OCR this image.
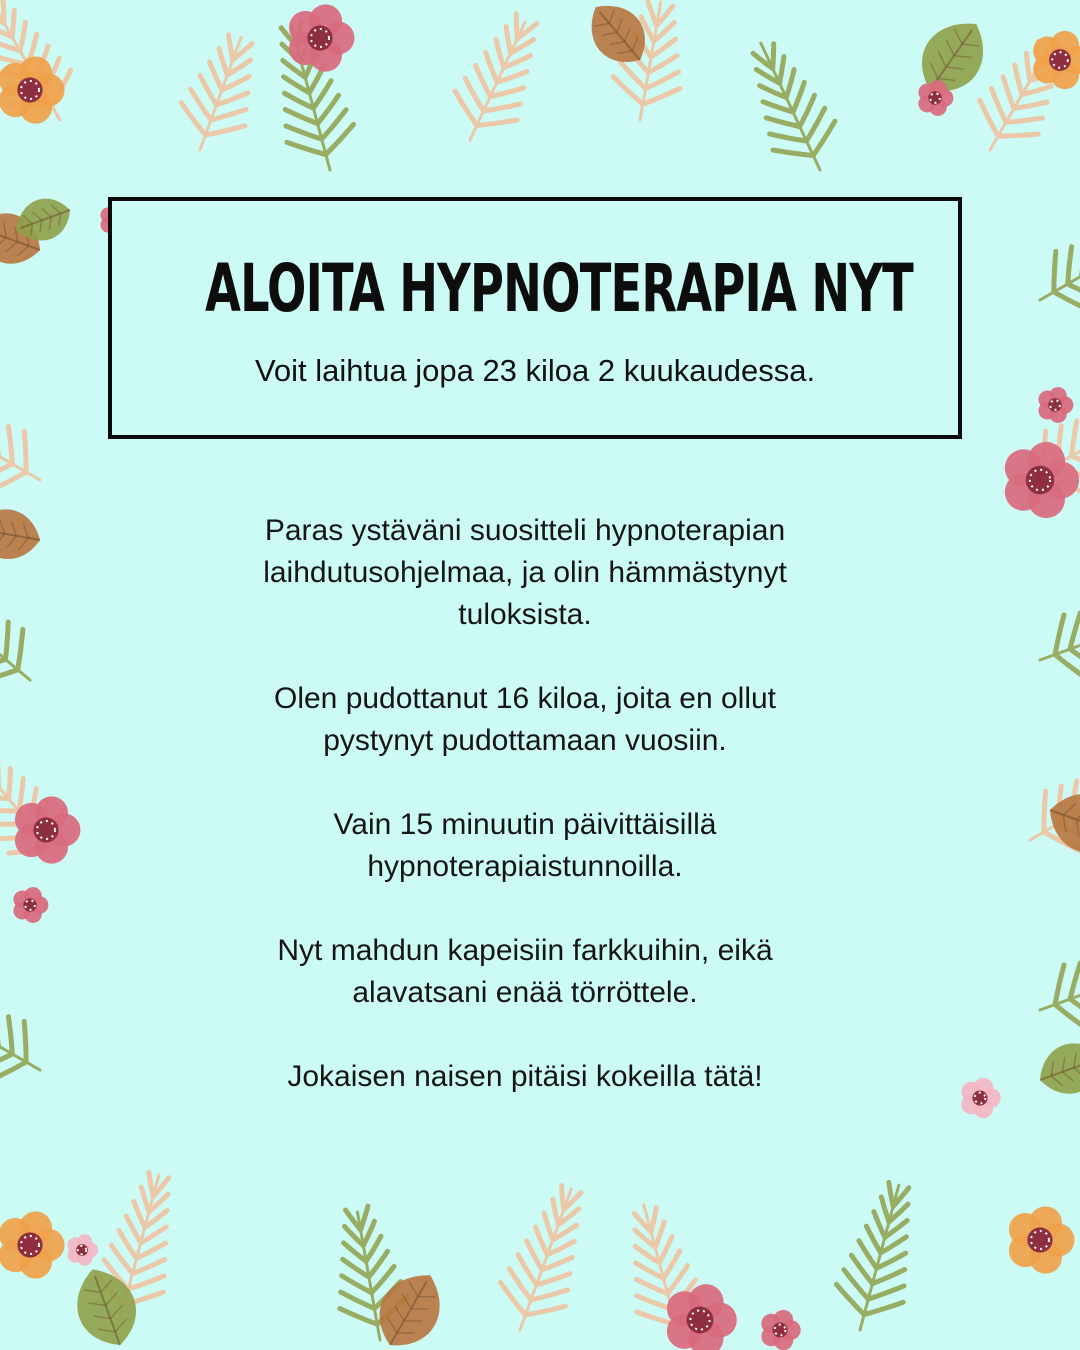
ALOITA HYPNOTERAPIA NYT
Voit laihtua jopa 23 kiloa 2 kuukaudessa.
Paras ystäväni suositteli hypnoterapian
laihdutusohjelmaa, ja olin hämmästynyt
tuloksista.
Olen pudottanut 16 kiloa, joita en ollut
pystynyt pudottamaan vuosiin.
Vain 15 minuutin päivittäisillä
hypnoterapiaistunnoilla.
Nyt mahdun kapeisiin farkkuihin, eikä
alavatsani enää törröttele.
Jokaisen naisen pitäisi kokeilla tätä!
